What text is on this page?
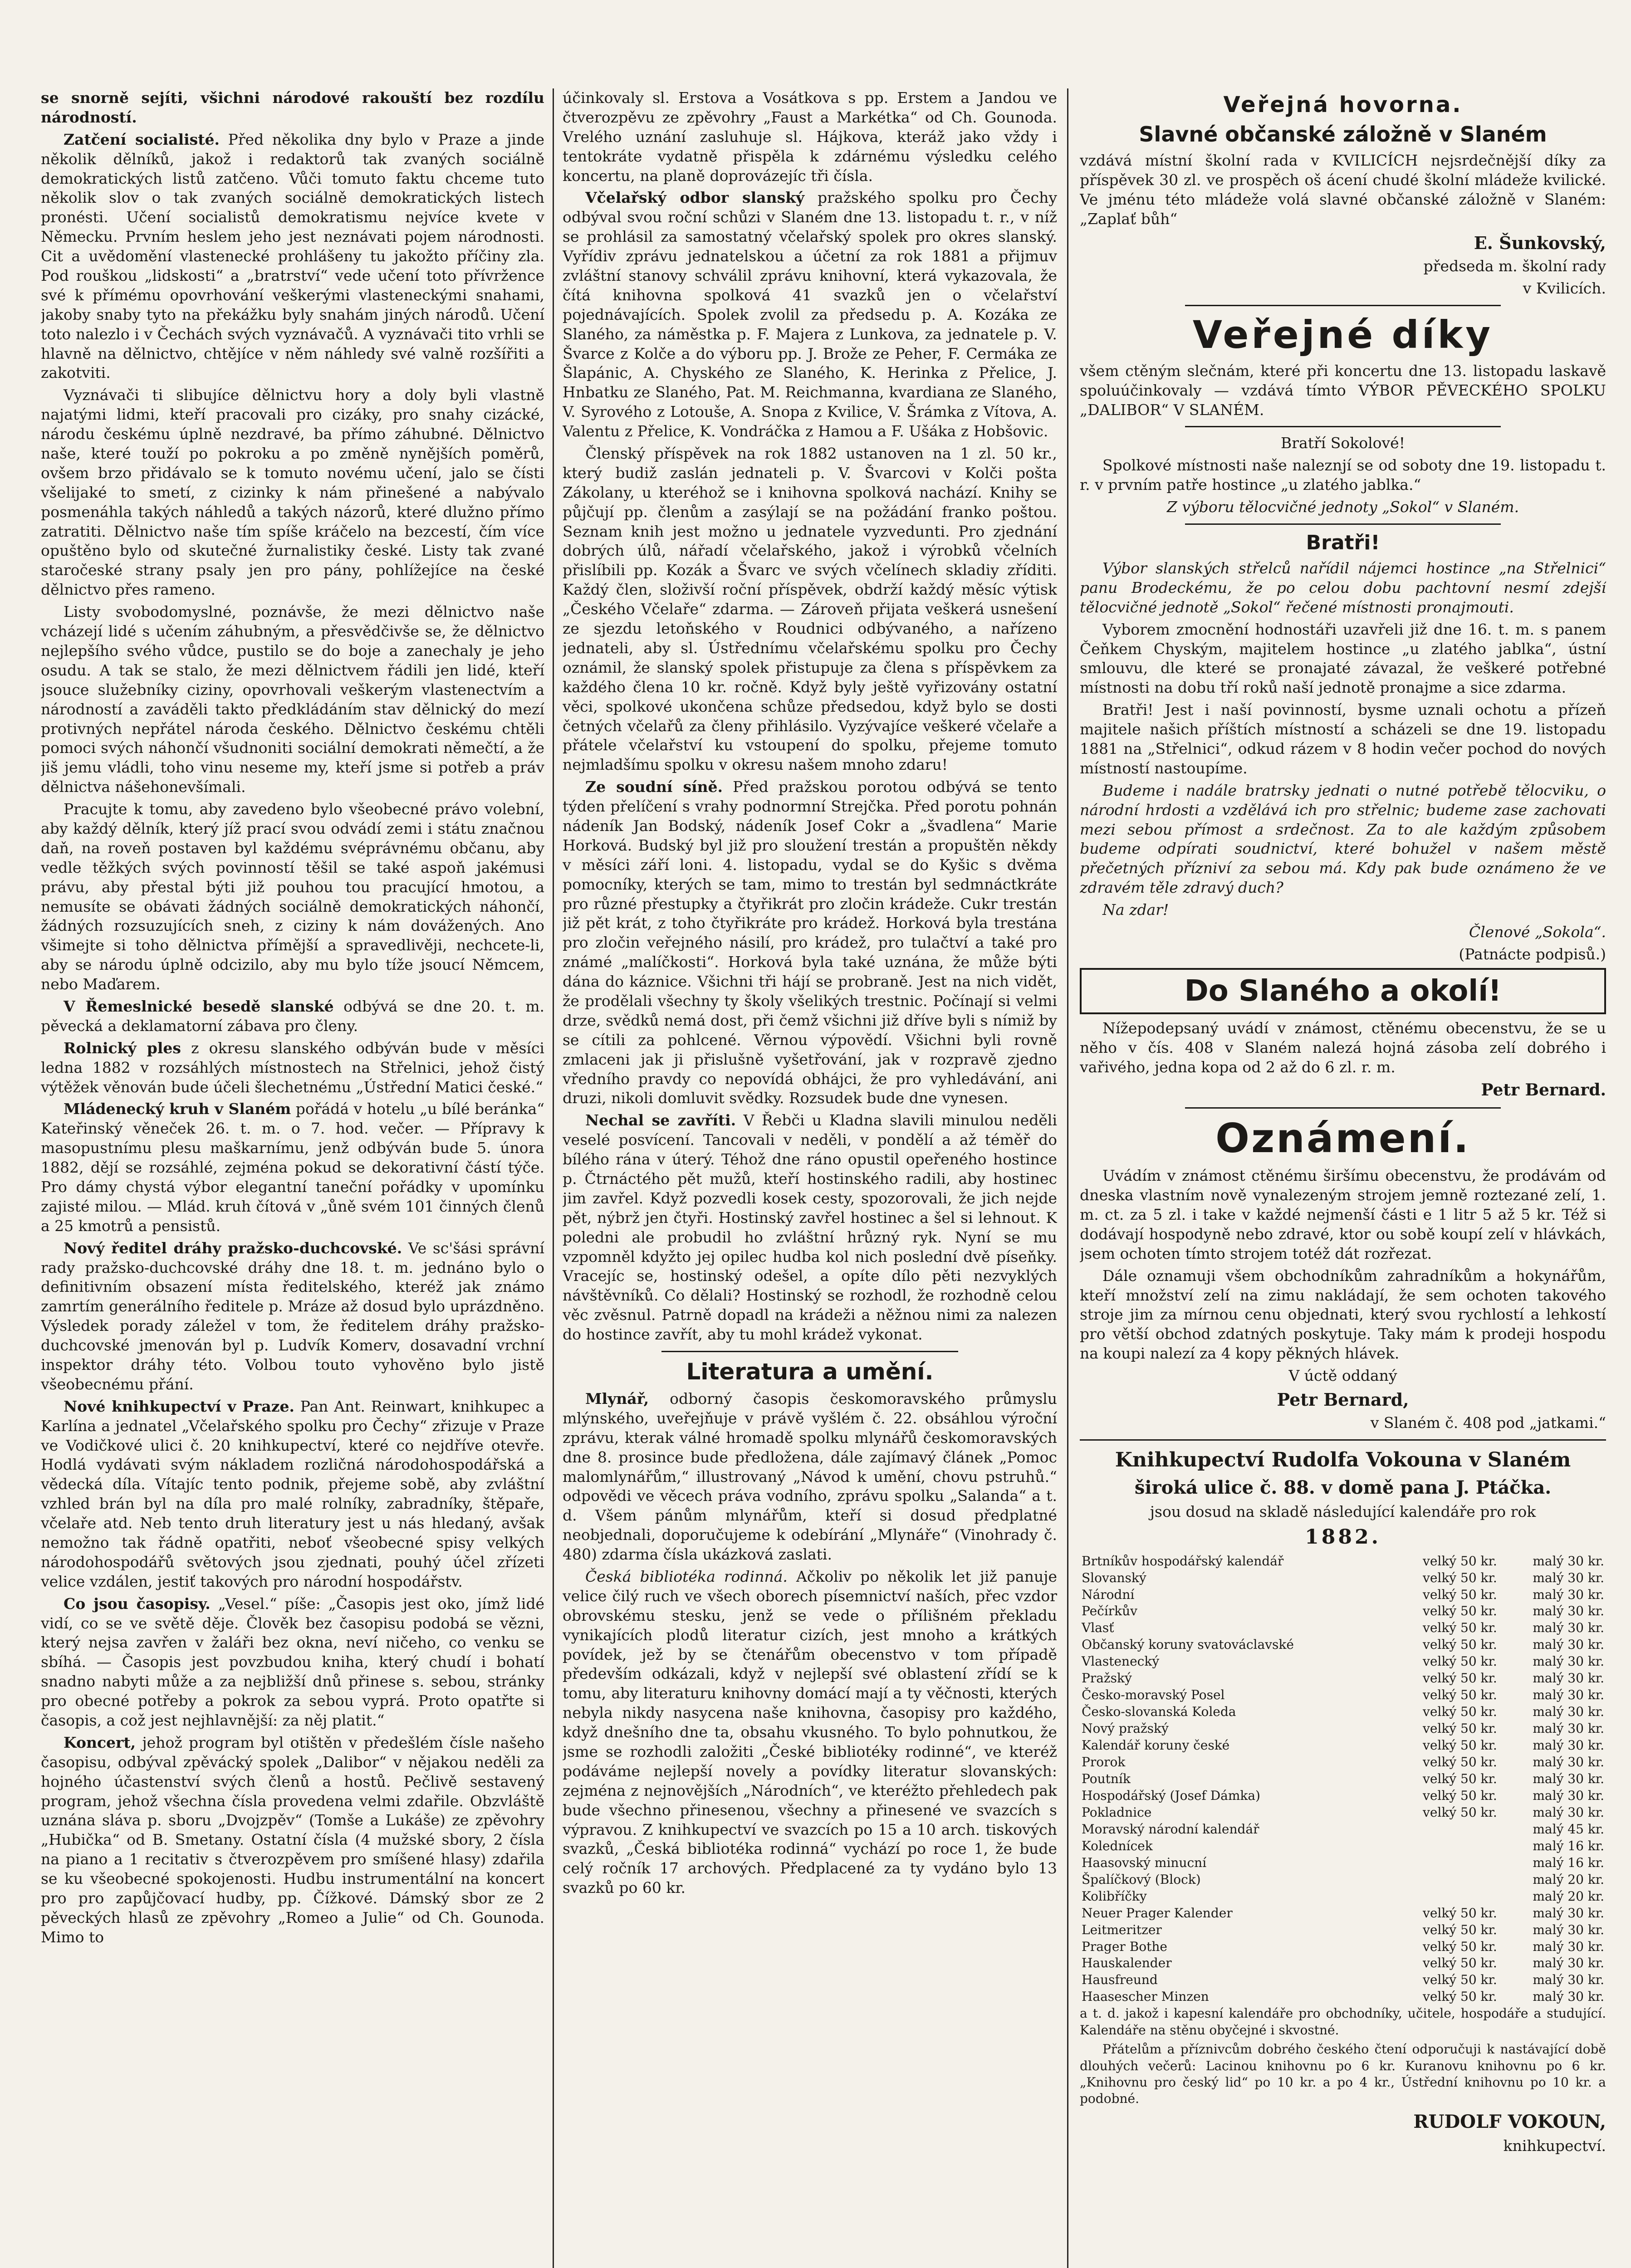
se snorně sejíti, všichni národové rakouští bez rozdílu národností.

Zatčení socialisté. Před několika dny bylo v Praze a jinde několik dělníků, jakož i redaktorů tak zvaných sociálně demokratických listů zatčeno. Vůči tomuto faktu chceme tuto několik slov o tak zvaných sociálně demokratických listech pronésti. Učení socialistů demokratismu nejvíce kvete v Německu. Prvním heslem jeho jest neznávati pojem národnosti. Cit a uvědomění vlastenecké prohlášeny tu jakožto příčiny zla. Pod rouškou „lidskosti“ a „bratrství“ vede učení toto přívržence své k přímému opovrhování veškerými vlasteneckými snahami, jakoby snaby tyto na překážku byly snahám jiných národů. Učení toto nalezlo i v Čechách svých vyznávačů. A vyznávači tito vrhli se hlavně na dělnictvo, chtějíce v něm náhledy své valně rozšířiti a zakotviti.

Vyznávači ti slibujíce dělnictvu hory a doly byli vlastně najatými lidmi, kteří pracovali pro cizáky, pro snahy cizácké, národu českému úplně nezdravé, ba přímo záhubné. Dělnictvo naše, které touží po pokroku a po změně nynějších poměrů, ovšem brzo přidávalo se k tomuto novému učení, jalo se čísti všelijaké to smetí, z cizinky k nám přinešené a nabývalo posmenáhla takých náhledů a takých názorů, které dlužno přímo zatratiti. Dělnictvo naše tím spíše kráčelo na bezcestí, čím více opuštěno bylo od skutečné žurnalistiky české. Listy tak zvané staročeské strany psaly jen pro pány, pohlížejíce na české dělnictvo přes rameno.

Listy svobodomyslné, poznávše, že mezi dělnictvo naše vcházejí lidé s učením záhubným, a přesvědčivše se, že dělnictvo nejlepšího svého vůdce, pustilo se do boje a zanechaly je jeho osudu. A tak se stalo, že mezi dělnictvem řádili jen lidé, kteří jsouce služebníky ciziny, opovrhovali veškerým vlastenectvím a národností a zaváděli takto předkládáním stav dělnický do mezí protivných nepřátel národa českého. Dělnictvo českému chtěli pomoci svých náhončí všudnoniti sociální demokrati němečtí, a že jiš jemu vládli, toho vinu neseme my, kteří jsme si potřeb a práv dělnictva nášehonevšímali.

Pracujte k tomu, aby zavedeno bylo všeobecné právo volební, aby každý dělník, který jíž prací svou odvádí zemi i státu značnou daň, na roveň postaven byl každému svéprávnému občanu, aby vedle těžkých svých povinností těšil se také aspoň jakémusi právu, aby přestal býti již pouhou tou pracující hmotou, a nemusíte se obávati žádných sociálně demokratických náhončí, žádných rozsuzujících sneh, z ciziny k nám dovážených. Ano všimejte si toho dělnictva přímější a spravedlivěji, nechcete-li, aby se národu úplně odcizilo, aby mu bylo tíže jsoucí Němcem, nebo Maďarem.

V Řemeslnické besedě slanské odbývá se dne 20. t. m. pěvecká a deklamatorní zábava pro členy.

Rolnický ples z okresu slanského odbýván bude v měsíci ledna 1882 v rozsáhlých místnostech na Střelnici, jehož čistý výtěžek věnován bude účeli šlechetnému „Ústřední Matici české.“

Mládenecký kruh v Slaném pořádá v hotelu „u bílé beránka“ Kateřinský věneček 26. t. m. o 7. hod. večer. — Přípravy k masopustnímu plesu maškarnímu, jenž odbýván bude 5. února 1882, dějí se rozsáhlé, zejména pokud se dekorativní částí týče. Pro dámy chystá výbor elegantní taneční pořádky v upomínku zajisté milou. — Mlád. kruh čítová v „ůně svém 101 činných členů a 25 kmotrů a pensistů.

Nový ředitel dráhy pražsko-duchcovské. Ve sc'šási správní rady pražsko-duchcovské dráhy dne 18. t. m. jednáno bylo o definitivním obsazení místa ředitelského, kteréž jak známo zamrtím generálního ředitele p. Mráze až dosud bylo uprázdněno. Výsledek porady záležel v tom, že ředitelem dráhy pražsko-duchcovské jmenován byl p. Ludvík Komerv, dosavadní vrchní inspektor dráhy této. Volbou touto vyhověno bylo jistě všeobecnému přání.

Nové knihkupectví v Praze. Pan Ant. Reinwart, knihkupec a Karlína a jednatel „Včelařského spolku pro Čechy“ zřizuje v Praze ve Vodičkové ulici č. 20 knihkupectví, které co nejdříve otevře. Hodlá vydávati svým nákladem rozličná národohospodářská a vědecká díla. Vítajíc tento podnik, přejeme sobě, aby zvláštní vzhled brán byl na díla pro malé rolníky, zabradníky, štěpaře, včelaře atd. Neb tento druh literatury jest u nás hledaný, avšak nemožno tak řádně opatřiti, neboť všeobecné spisy velkých národohospodářů světových jsou zjednati, pouhý účel zřízeti velice vzdálen, jestiť takových pro národní hospodářstv.

Co jsou časopisy. „Vesel.“ píše: „Časopis jest oko, jímž lidé vidí, co se ve světě děje. Člověk bez časopisu podobá se vězni, který nejsa zavřen v žaláři bez okna, neví ničeho, co venku se sbíhá. — Časopis jest povzbudou kniha, který chudí i bohatí snadno nabyti může a za nejbližší dnů přinese s. sebou, stránky pro obecné potřeby a pokrok za sebou vyprá. Proto opatřte si časopis, a což jest nejhlavnější: za něj platit.“

Koncert, jehož program byl otištěn v předešlém čísle našeho časopisu, odbýval zpěvácký spolek „Dalibor“ v nějakou neděli za hojného účastenství svých členů a hostů. Pečlivě sestavený program, jehož všechna čísla provedena velmi zdařile. Obzvláště uznána sláva p. sboru „Dvojzpěv“ (Tomše a Lukáše) ze zpěvohry „Hubička“ od B. Smetany. Ostatní čísla (4 mužské sbory, 2 čísla na piano a 1 recitativ s čtverozpěvem pro smíšené hlasy) zdařila se ku všeobecné spokojenosti. Hudbu instrumentální na koncert pro pro zapůjčovací hudby, pp. Čížkové. Dámský sbor ze 2 pěveckých hlasů ze zpěvohry „Romeo a Julie“ od Ch. Gounoda. Mimo to

účinkovaly sl. Erstova a Vosátkova s pp. Erstem a Jandou ve čtverozpěvu ze zpěvohry „Faust a Markétka“ od Ch. Gounoda. Vrelého uznání zasluhuje sl. Hájkova, kteráž jako vždy i tentokráte vydatně přispěla k zdárnému výsledku celého koncertu, na planě doprovázejíc tři čísla.

Včelařský odbor slanský pražského spolku pro Čechy odbýval svou roční schůzi v Slaném dne 13. listopadu t. r., v níž se prohlásil za samostatný včelařský spolek pro okres slanský. Vyřídiv zprávu jednatelskou a účetní za rok 1881 a přijmuv zvláštní stanovy schválil zprávu knihovní, která vykazovala, že čítá knihovna spolková 41 svazků jen o včelařství pojednávajících. Spolek zvolil za předsedu p. A. Kozáka ze Slaného, za náměstka p. F. Majera z Lunkova, za jednatele p. V. Švarce z Kolče a do výboru pp. J. Brože ze Peher, F. Cermáka ze Šlapánic, A. Chyského ze Slaného, K. Herinka z Přelice, J. Hnbatku ze Slaného, Pat. M. Reichmanna, kvardiana ze Slaného, V. Syrového z Lotouše, A. Snopa z Kvilice, V. Šrámka z Vítova, A. Valentu z Přelice, K. Vondráčka z Hamou a F. Ušáka z Hobšovic.

Členský příspěvek na rok 1882 ustanoven na 1 zl. 50 kr., který budiž zaslán jednateli p. V. Švarcovi v Kolči pošta Zákolany, u kteréhož se i knihovna spolková nachází. Knihy se půjčují pp. členům a zasýlají se na požádání franko poštou. Seznam knih jest možno u jednatele vyzvedunti. Pro zjednání dobrých úlů, nářadí včelařského, jakož i výrobků včelních přislíbili pp. Kozák a Švarc ve svých včelínech skladiy zříditi. Každý člen, složivší roční příspěvek, obdrží každý měsíc výtisk „Českého Včelaře“ zdarma. — Zároveň přijata veškerá usnešení ze sjezdu letoňského v Roudnici odbývaného, a nařízeno jednateli, aby sl. Ústřednímu včelařskému spolku pro Čechy oznámil, že slanský spolek přistupuje za člena s příspěvkem za každého člena 10 kr. ročně. Když byly ještě vyřizovány ostatní věci, spolkové ukončena schůze předsedou, když bylo se dosti četných včelařů za členy přihlásilo. Vyzývajíce veškeré včelaře a přátele včelařství ku vstoupení do spolku, přejeme tomuto nejmladšímu spolku v okresu našem mnoho zdaru!

Ze soudní síně. Před pražskou porotou odbývá se tento týden přelíčení s vrahy podnormní Strejčka. Před porotu pohnán nádeník Jan Bodský, nádeník Josef Cokr a „švadlena“ Marie Horková. Budský byl již pro sloužení trestán a propuštěn někdy v měsíci září loni. 4. listopadu, vydal se do Kyšic s dvěma pomocníky, kterých se tam, mimo to trestán byl sedmnáctkráte pro různé přestupky a čtyřikrát pro zločin krádeže. Cukr trestán již pět krát, z toho čtyřikráte pro krádež. Horková byla trestána pro zločin veřejného násilí, pro krádež, pro tulačtví a také pro známé „malíčkosti“. Horková byla také uznána, že může býti dána do káznice. Všichni tři hájí se probraně. Jest na nich vidět, že prodělali všechny ty školy všelikých trestnic. Počínají si velmi drze, svědků nemá dost, při čemž všichni již dříve byli s nímiž by se cítili za pohlcené. Věrnou výpovědí. Všichni byli rovně zmlaceni jak ji přislušně vyšetřování, jak v rozpravě zjedno vředního pravdy co nepovídá obhájci, že pro vyhledávání, ani druzi, nikoli domluvit svědky. Rozsudek bude dne vynesen.

Nechal se zavříti. V Řebči u Kladna slavili minulou neděli veselé posvícení. Tancovali v neděli, v pondělí a až téměř do bílého rána v úterý. Téhož dne ráno opustil opeřeného hostince p. Čtrnáctého pět mužů, kteří hostinského radili, aby hostinec jim zavřel. Když pozvedli kosek cesty, spozorovali, že jich nejde pět, nýbrž jen čtyři. Hostinský zavřel hostinec a šel si lehnout. K poledni ale probudil ho zvláštní hrůzný ryk. Nyní se mu vzpomněl kdyžto jej opilec hudba kol nich poslední dvě píseňky. Vracejíc se, hostinský odešel, a opíte dílo pěti nezvyklých návštěvníků. Co dělali? Hostinský se rozhodl, že rozhodně celou věc zvěsnul. Patrně dopadl na krádeži a něžnou nimi za nalezen do hostince zavřít, aby tu mohl krádež vykonat.

Literatura a umění.

Mlynář, odborný časopis českomoravského průmyslu mlýnského, uveřejňuje v právě vyšlém č. 22. obsáhlou výroční zprávu, kterak válné hromadě spolku mlynářů českomoravských dne 8. prosince bude předložena, dále zajímavý článek „Pomoc malomlynářům,“ illustrovaný „Návod k umění, chovu pstruhů.“ odpovědi ve věcech práva vodního, zprávu spolku „Salanda“ a t. d. Všem pánům mlynářům, kteří si dosud předplatné neobjednali, doporučujeme k odebírání „Mlynáře“ (Vinohrady č. 480) zdarma čísla ukázková zaslati.

Česká bibliotéka rodinná. Ačkoliv po několik let již panuje velice čilý ruch ve všech oborech písemnictví naších, přec vzdor obrovskému stesku, jenž se vede o přílišném překladu vynikajících plodů literatur cizích, jest mnoho a krátkých povídek, jež by se čtenářům obecenstvo v tom případě především odkázali, když v nejlepší své oblastení zřídí se k tomu, aby literaturu knihovny domácí mají a ty věčnosti, kterých nebyla nikdy nasycena naše knihovna, časopisy pro každého, když dnešního dne ta, obsahu vkusného. To bylo pohnutkou, že jsme se rozhodli založiti „České bibliotéky rodinné“, ve kteréž podáváme nejlepší novely a povídky literatur slovanských: zejména z nejnovějších „Národních“, ve kteréžto přehledech pak bude všechno přinesenou, všechny a přinesené ve svazcích s výpravou. Z knihkupectví ve svazcích po 15 a 10 arch. tiskových svazků, „Česká bibliotéka rodinná“ vychází po roce 1, že bude celý ročník 17 archových. Předplacené za ty vydáno bylo 13 svazků po 60 kr.

Veřejná hovorna.
Slavné občanské záložně v Slaném

vzdává místní školní rada v KVILICÍCH nejsrdečnější díky za příspěvek 30 zl. ve prospěch oš ácení chudé školní mládeže kvilické. Ve jménu této mládeže volá slavné občanské záložně v Slaném: „Zaplať bůh“

E. Šunkovský,

předseda m. školní rady

v Kvilicích.

Veřejné díky

všem ctěným slečnám, které při koncertu dne 13. listopadu laskavě spoluúčinkovaly — vzdává tímto VÝBOR PĚVECKÉHO SPOLKU „DALIBOR“ V SLANÉM.

Bratří Sokolové!

Spolkové místnosti naše naleznjí se od soboty dne 19. listopadu t. r. v prvním patře hostince „u zlatého jablka.“

Z výboru tělocvičné jednoty „Sokol“ v Slaném.

Bratři!

Výbor slanských střelců nařídil nájemci hostince „na Střelnici“ panu Brodeckému, že po celou dobu pachtovní nesmí zdejší tělocvičné jednotě „Sokol“ řečené místnosti pronajmouti.

Vyborem zmocnění hodnostáři uzavřeli již dne 16. t. m. s panem Čeňkem Chyským, majitelem hostince „u zlatého jablka“, ústní smlouvu, dle které se pronajaté závazal, že veškeré potřebné místnosti na dobu tří roků naší jednotě pronajme a sice zdarma.

Bratři! Jest i naší povinností, bysme uznali ochotu a přízeň majitele našich příštích místností a scházeli se dne 19. listopadu 1881 na „Střelnici“, odkud rázem v 8 hodin večer pochod do nových místností nastoupíme.

Budeme i nadále bratrsky jednati o nutné potřebě tělocviku, o národní hrdosti a vzdělává ich pro střelnic; budeme zase zachovati mezi sebou přímost a srdečnost. Za to ale každým způsobem budeme odpírati soudnictví, které bohužel v našem městě přečetných přízniví za sebou má. Kdy pak bude oznámeno že ve zdravém těle zdravý duch?

Na zdar!

Členové „Sokola“.

(Patnácte podpisů.)

Do Slaného a okolí!

Nížepodepsaný uvádí v známost, ctěnému obecenstvu, že se u něho v čís. 408 v Slaném nalezá hojná zásoba zelí dobrého i vařivého, jedna kopa od 2 až do 6 zl. r. m.

Petr Bernard.

Oznámení.

Uvádím v známost ctěnému širšímu obecenstvu, že prodávám od dneska vlastním nově vynalezeným strojem jemně roztezané zelí, 1. m. ct. za 5 zl. i take v každé nejmenší části e 1 litr 5 až 5 kr. Též si dodávají hospodyně nebo zdravé, ktor ou sobě koupí zelí v hlávkách, jsem ochoten tímto strojem totéž dát rozřezat.

Dále oznamuji všem obchodníkům zahradníkům a hokynářům, kteří množství zelí na zimu nakládají, že sem ochoten takového stroje jim za mírnou cenu objednati, který svou rychlostí a lehkostí pro větší obchod zdatných poskytuje. Taky mám k prodeji hospodu na koupi nalezí za 4 kopy pěkných hlávek.

V úctě oddaný

Petr Bernard,

v Slaném č. 408 pod „jatkami.“

Knihkupectví Rudolfa Vokouna v Slaném

široká ulice č. 88. v domě pana J. Ptáčka.

jsou dosud na skladě následující kalendáře pro rok

1882.

Brtníkův hospodářský kalendář	velký 50 kr.	malý 30 kr.
Slovanský	velký 50 kr.	malý 30 kr.
Národní	velký 50 kr.	malý 30 kr.
Pečírkův	velký 50 kr.	malý 30 kr.
Vlasť	velký 50 kr.	malý 30 kr.
Občanský koruny svatováclavské	velký 50 kr.	malý 30 kr.
Vlastenecký	velký 50 kr.	malý 30 kr.
Pražský	velký 50 kr.	malý 30 kr.
Česko-moravský Posel	velký 50 kr.	malý 30 kr.
Česko-slovanská Koleda	velký 50 kr.	malý 30 kr.
Nový pražský	velký 50 kr.	malý 30 kr.
Kalendář koruny české	velký 50 kr.	malý 30 kr.
Prorok	velký 50 kr.	malý 30 kr.
Poutník	velký 50 kr.	malý 30 kr.
Hospodářský (Josef Dámka)	velký 50 kr.	malý 30 kr.
Pokladnice	velký 50 kr.	malý 30 kr.
Moravský národní kalendář		malý 45 kr.
Kolednícek		malý 16 kr.
Haasovský minucní		malý 16 kr.
Špalíčkový (Block)		malý 20 kr.
Kolibříčky		malý 20 kr.
Neuer Prager Kalender	velký 50 kr.	malý 30 kr.
Leitmeritzer	velký 50 kr.	malý 30 kr.
Prager Bothe	velký 50 kr.	malý 30 kr.
Hauskalender	velký 50 kr.	malý 30 kr.
Hausfreund	velký 50 kr.	malý 30 kr.
Haasescher Minzen	velký 50 kr.	malý 30 kr.

a t. d. jakož i kapesní kalendáře pro obchodníky, učitele, hospodáře a studující. Kalendáře na stěnu obyčejné i skvostné.

Přátelům a příznivcům dobrého českého čtení odporučuji k nastávající době dlouhých večerů: Lacinou knihovnu po 6 kr. Kuranovu knihovnu po 6 kr. „Knihovnu pro český lid“ po 10 kr. a po 4 kr., Ústřední knihovnu po 10 kr. a podobné.

RUDOLF VOKOUN,

knihkupectví.
